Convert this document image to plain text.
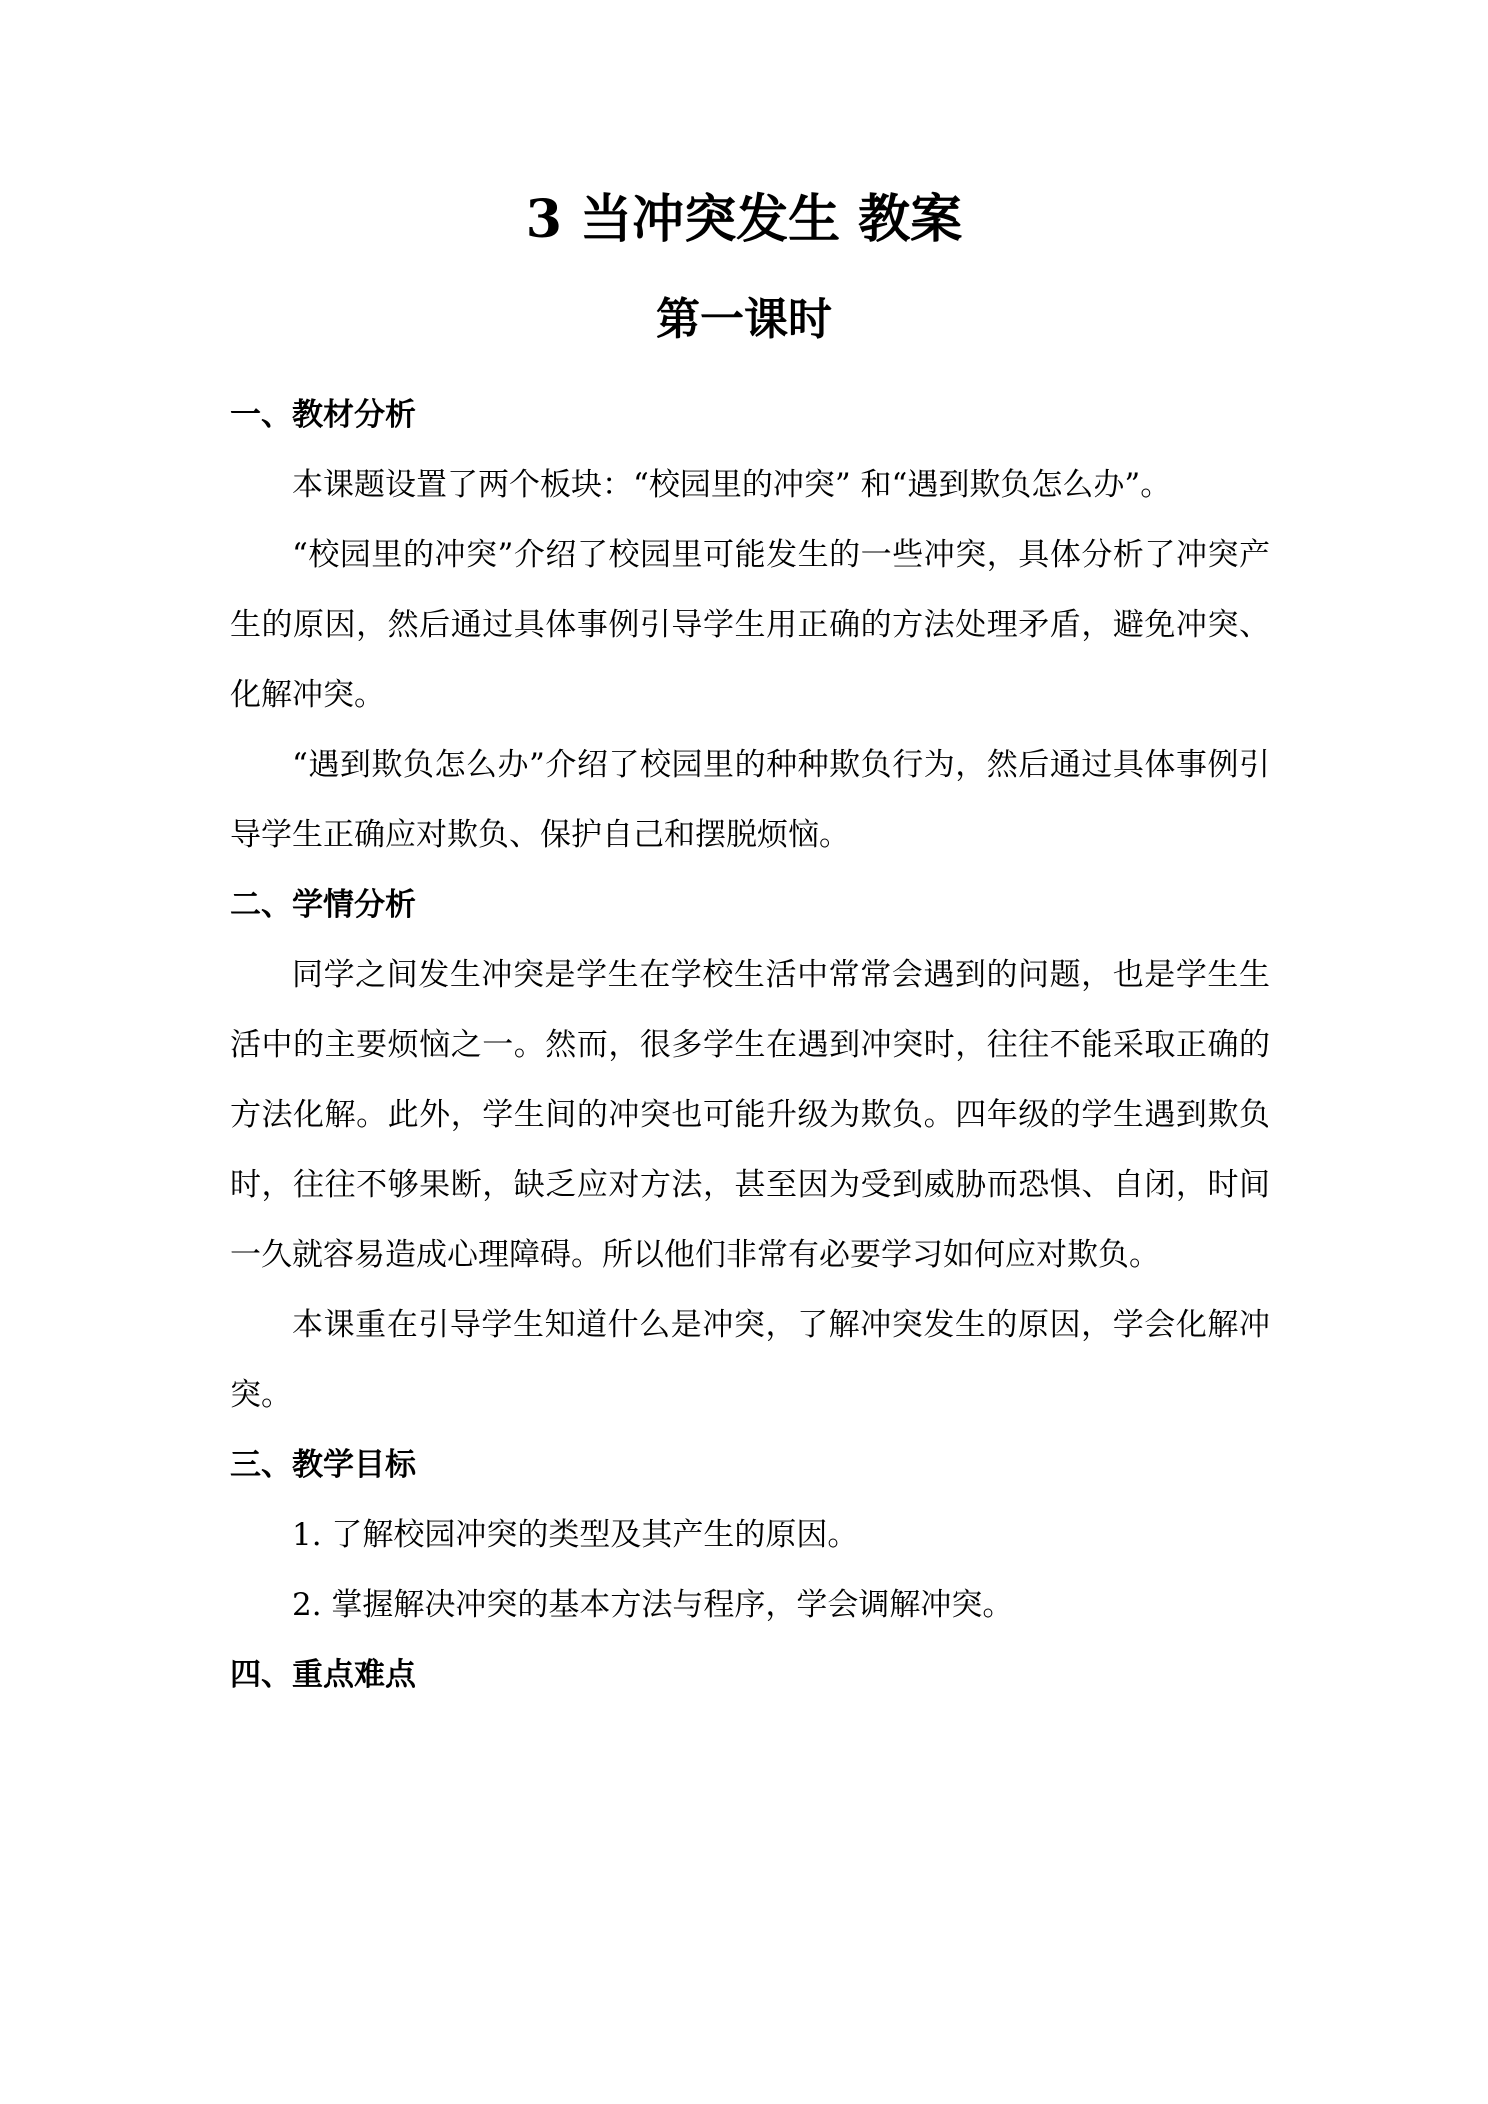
3 当冲突发生 教案
第一课时
一、教材分析

本课题设置了两个板块：“校园里的冲突” 和“遇到欺负怎么办”。

“校园里的冲突”介绍了校园里可能发生的一些冲突，具体分析了冲突产生的原因，然后通过具体事例引导学生用正确的方法处理矛盾，避免冲突、化解冲突。

“遇到欺负怎么办”介绍了校园里的种种欺负行为，然后通过具体事例引导学生正确应对欺负、保护自己和摆脱烦恼。

二、学情分析

同学之间发生冲突是学生在学校生活中常常会遇到的问题，也是学生生活中的主要烦恼之一。然而，很多学生在遇到冲突时，往往不能采取正确的方法化解。此外，学生间的冲突也可能升级为欺负。四年级的学生遇到欺负时，往往不够果断，缺乏应对方法，甚至因为受到威胁而恐惧、自闭，时间一久就容易造成心理障碍。所以他们非常有必要学习如何应对欺负。

本课重在引导学生知道什么是冲突，了解冲突发生的原因，学会化解冲突。

三、教学目标

1. 了解校园冲突的类型及其产生的原因。

2. 掌握解决冲突的基本方法与程序，学会调解冲突。

四、重点难点
